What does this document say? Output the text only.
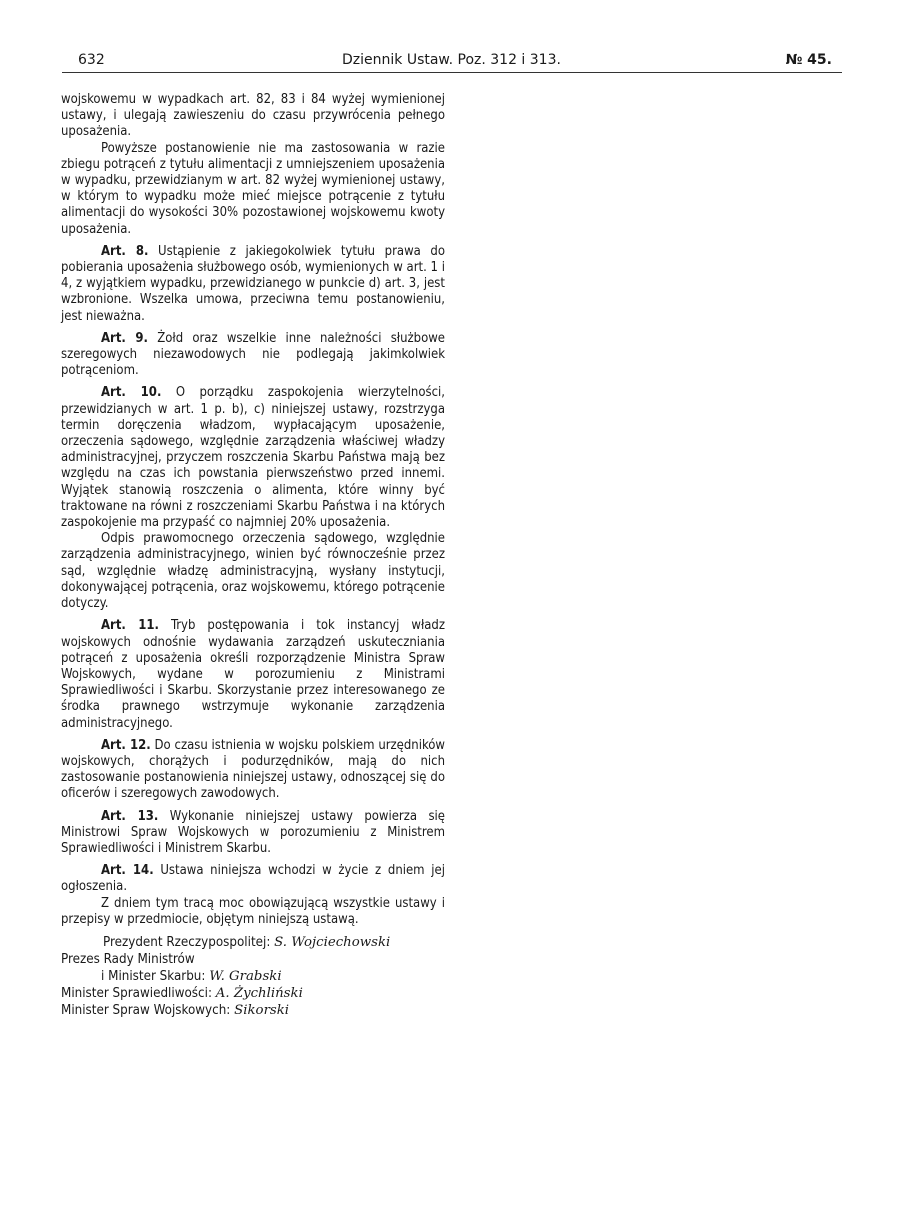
632	Dziennik Ustaw. Poz. 312 i 313.	№ 45.

wojskowemu w wypadkach art. 82, 83 i 84 wyżej wymienionej ustawy, i ulegają zawieszeniu do czasu przywrócenia pełnego uposażenia.

Powyższe postanowienie nie ma zastosowania w razie zbiegu potrąceń z tytułu alimentacji z umniejszeniem uposażenia w wypadku, przewidzianym w art. 82 wyżej wymienionej ustawy, w którym to wypadku może mieć miejsce potrącenie z tytułu alimentacji do wysokości 30% pozostawionej wojskowemu kwoty uposażenia.

Art. 8. Ustąpienie z jakiegokolwiek tytułu prawa do pobierania uposażenia służbowego osób, wymienionych w art. 1 i 4, z wyjątkiem wypadku, przewidzianego w punkcie d) art. 3, jest wzbronione. Wszelka umowa, przeciwna temu postanowieniu, jest nieważna.

Art. 9. Żołd oraz wszelkie inne należności służbowe szeregowych niezawodowych nie podlegają jakimkolwiek potrąceniom.

Art. 10. O porządku zaspokojenia wierzytelności, przewidzianych w art. 1 p. b), c) niniejszej ustawy, rozstrzyga termin doręczenia władzom, wypłacającym uposażenie, orzeczenia sądowego, względnie zarządzenia właściwej władzy administracyjnej, przyczem roszczenia Skarbu Państwa mają bez względu na czas ich powstania pierwszeństwo przed innemi. Wyjątek stanowią roszczenia o alimenta, które winny być traktowane na równi z roszczeniami Skarbu Państwa i na których zaspokojenie ma przypaść co najmniej 20% uposażenia.

Odpis prawomocnego orzeczenia sądowego, względnie zarządzenia administracyjnego, winien być równocześnie przez sąd, względnie władzę administracyjną, wysłany instytucji, dokonywającej potrącenia, oraz wojskowemu, którego potrącenie dotyczy.

Art. 11. Tryb postępowania i tok instancyj władz wojskowych odnośnie wydawania zarządzeń uskuteczniania potrąceń z uposażenia określi rozporządzenie Ministra Spraw Wojskowych, wydane w porozumieniu z Ministrami Sprawiedliwości i Skarbu. Skorzystanie przez interesowanego ze środka prawnego wstrzymuje wykonanie zarządzenia administracyjnego.

Art. 12. Do czasu istnienia w wojsku polskiem urzędników wojskowych, chorążych i podurzędników, mają do nich zastosowanie postanowienia niniejszej ustawy, odnoszącej się do oficerów i szeregowych zawodowych.

Art. 13. Wykonanie niniejszej ustawy powierza się Ministrowi Spraw Wojskowych w porozumieniu z Ministrem Sprawiedliwości i Ministrem Skarbu.

Art. 14. Ustawa niniejsza wchodzi w życie z dniem jej ogłoszenia.

Z dniem tym tracą moc obowiązującą wszystkie ustawy i przepisy w przedmiocie, objętym niniejszą ustawą.

Prezydent Rzeczypospolitej: S. Wojciechowski
Prezes Rady Ministrów
i Minister Skarbu: W. Grabski
Minister Sprawiedliwości: A. Żychliński
Minister Spraw Wojskowych: Sikorski
